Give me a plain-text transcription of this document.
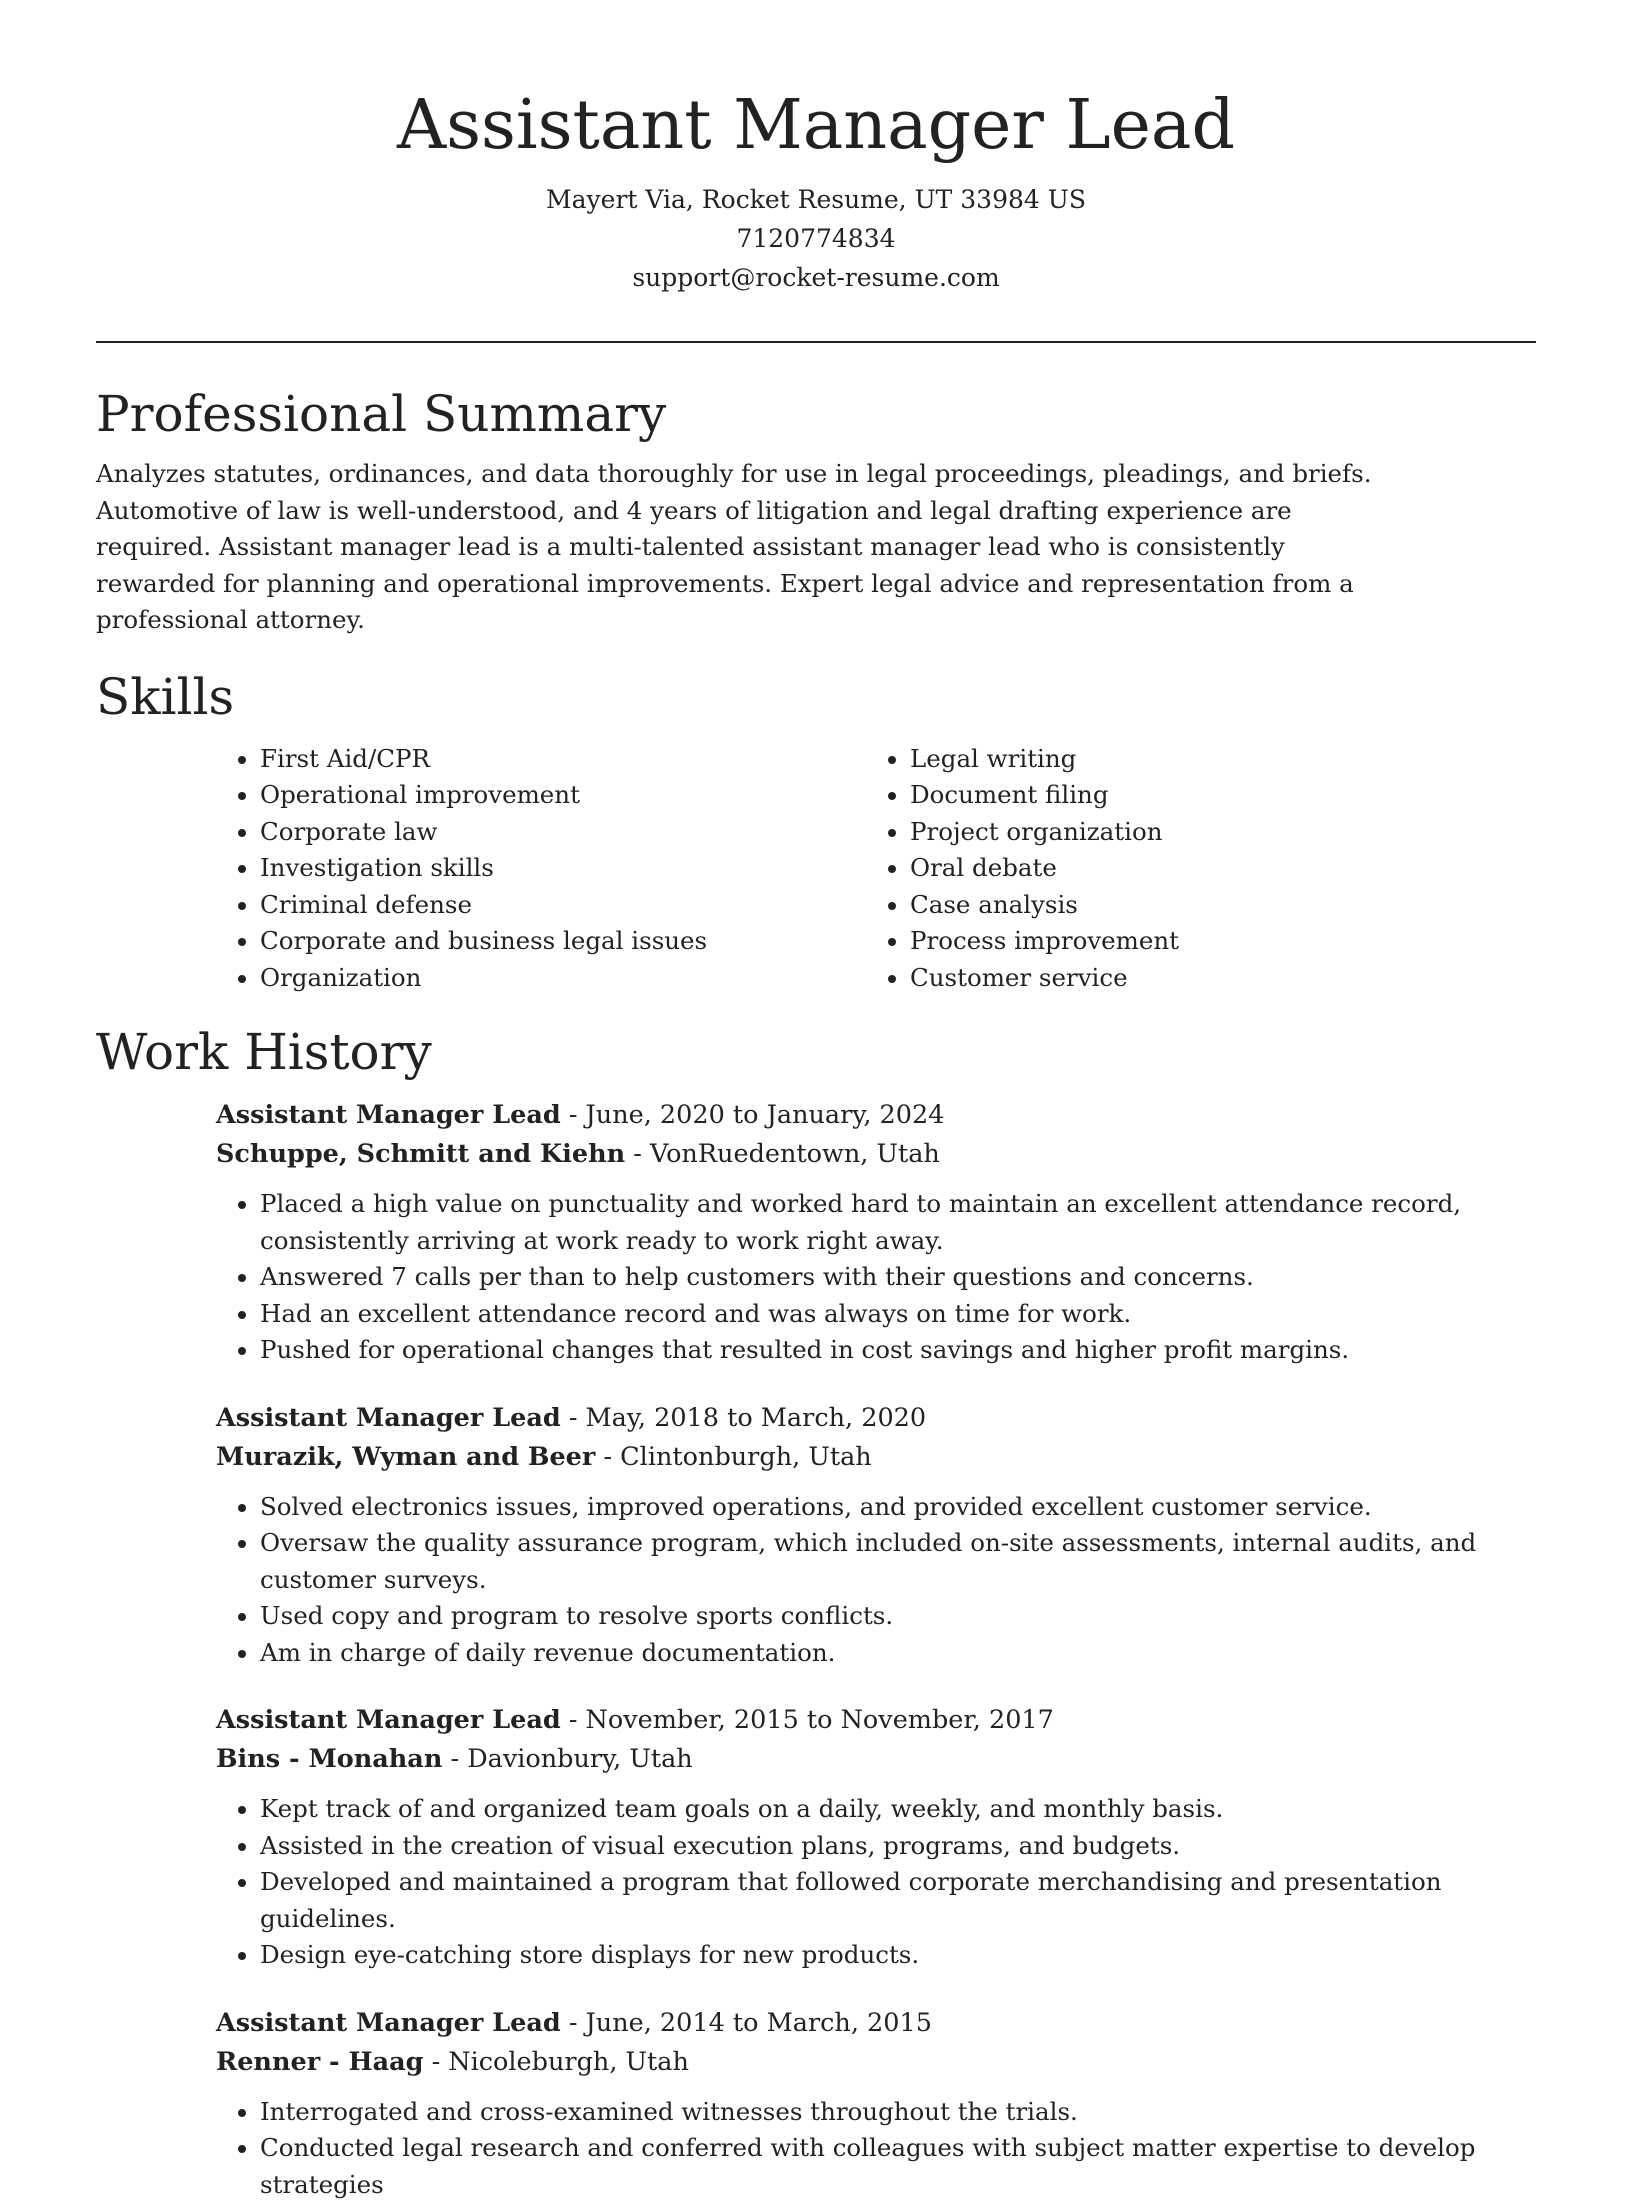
Assistant Manager Lead
Mayert Via, Rocket Resume, UT 33984 US
7120774834
support@rocket-resume.com
Professional Summary

Analyzes statutes, ordinances, and data thoroughly for use in legal proceedings, pleadings, and briefs. Automotive of law is well-understood, and 4 years of litigation and legal drafting experience are required. Assistant manager lead is a multi-talented assistant manager lead who is consistently rewarded for planning and operational improvements. Expert legal advice and representation from a professional attorney.

Skills
• First Aid/CPR
• Operational improvement
• Corporate law
• Investigation skills
• Criminal defense
• Corporate and business legal issues
• Organization
• Legal writing
• Document filing
• Project organization
• Oral debate
• Case analysis
• Process improvement
• Customer service
Work History
Assistant Manager Lead - June, 2020 to January, 2024
Schuppe, Schmitt and Kiehn - VonRuedentown, Utah
• Placed a high value on punctuality and worked hard to maintain an excellent attendance record, consistently arriving at work ready to work right away.
• Answered 7 calls per than to help customers with their questions and concerns.
• Had an excellent attendance record and was always on time for work.
• Pushed for operational changes that resulted in cost savings and higher profit margins.
Assistant Manager Lead - May, 2018 to March, 2020
Murazik, Wyman and Beer - Clintonburgh, Utah
• Solved electronics issues, improved operations, and provided excellent customer service.
• Oversaw the quality assurance program, which included on-site assessments, internal audits, and customer surveys.
• Used copy and program to resolve sports conflicts.
• Am in charge of daily revenue documentation.
Assistant Manager Lead - November, 2015 to November, 2017
Bins - Monahan - Davionbury, Utah
• Kept track of and organized team goals on a daily, weekly, and monthly basis.
• Assisted in the creation of visual execution plans, programs, and budgets.
• Developed and maintained a program that followed corporate merchandising and presentation guidelines.
• Design eye-catching store displays for new products.
Assistant Manager Lead - June, 2014 to March, 2015
Renner - Haag - Nicoleburgh, Utah
• Interrogated and cross-examined witnesses throughout the trials.
• Conducted legal research and conferred with colleagues with subject matter expertise to develop strategies
